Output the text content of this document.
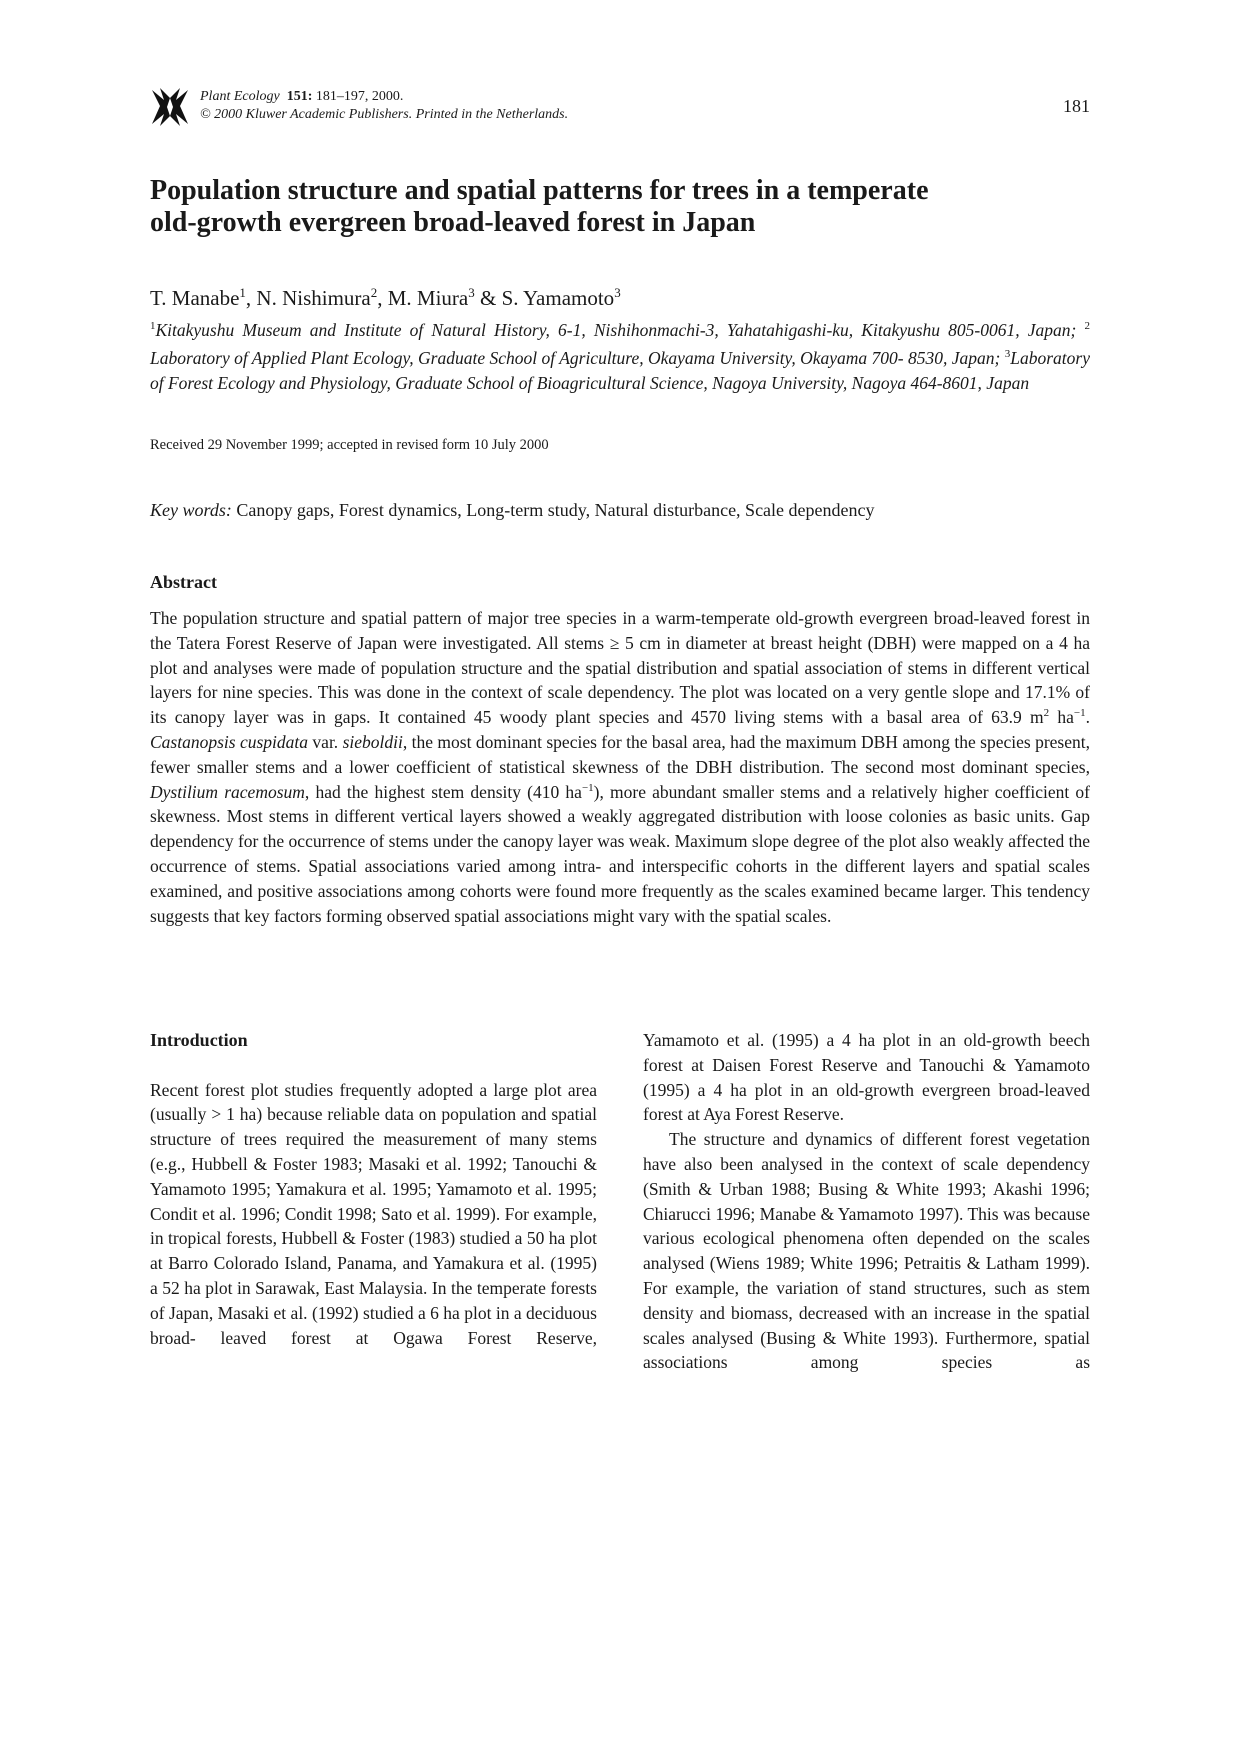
Plant Ecology 151: 181–197, 2000.
© 2000 Kluwer Academic Publishers. Printed in the Netherlands.	181
Population structure and spatial patterns for trees in a temperate
old-growth evergreen broad-leaved forest in Japan
T. Manabe$^1$, N. Nishimura$^2$, M. Miura$^3$ & S. Yamamoto$^3$
$^1$Kitakyushu Museum and Institute of Natural History, 6-1, Nishihonmachi-3, Yahatahigashi-ku, Kitakyushu 805-0061, Japan; $^2$ Laboratory of Applied Plant Ecology, Graduate School of Agriculture, Okayama University, Okayama 700- 8530, Japan; $^3$Laboratory of Forest Ecology and Physiology, Graduate School of Bioagricultural Science, Nagoya University, Nagoya 464-8601, Japan
Received 29 November 1999; accepted in revised form 10 July 2000
Key words: Canopy gaps, Forest dynamics, Long-term study, Natural disturbance, Scale dependency
Abstract
The population structure and spatial pattern of major tree species in a warm-temperate old-growth evergreen broad-leaved forest in the Tatera Forest Reserve of Japan were investigated. All stems ≥ 5 cm in diameter at breast height (DBH) were mapped on a 4 ha plot and analyses were made of population structure and the spatial distribution and spatial association of stems in different vertical layers for nine species. This was done in the context of scale dependency. The plot was located on a very gentle slope and 17.1% of its canopy layer was in gaps. It contained 45 woody plant species and 4570 living stems with a basal area of 63.9 $m^2$ $ha^{-1}$. Castanopsis cuspidata var. sieboldii, the most dominant species for the basal area, had the maximum DBH among the species present, fewer smaller stems and a lower coefficient of statistical skewness of the DBH distribution. The second most dominant species, Dystilium racemosum, had the highest stem density (410 $ha^{-1}$), more abundant smaller stems and a relatively higher coefficient of skewness. Most stems in different vertical layers showed a weakly aggregated distribution with loose colonies as basic units. Gap dependency for the occurrence of stems under the canopy layer was weak. Maximum slope degree of the plot also weakly affected the occurrence of stems. Spatial associations varied among intra- and interspecific cohorts in the different layers and spatial scales examined, and positive associations among cohorts were found more frequently as the scales examined became larger. This tendency suggests that key factors forming observed spatial associations might vary with the spatial scales.
Introduction

Recent forest plot studies frequently adopted a large plot area (usually > 1 ha) because reliable data on population and spatial structure of trees required the measurement of many stems (e.g., Hubbell & Foster 1983; Masaki et al. 1992; Tanouchi & Yamamoto 1995; Yamakura et al. 1995; Yamamoto et al. 1995; Condit et al. 1996; Condit 1998; Sato et al. 1999). For example, in tropical forests, Hubbell & Foster (1983) studied a 50 ha plot at Barro Colorado Island, Panama, and Yamakura et al. (1995) a 52 ha plot in Sarawak, East Malaysia. In the temperate forests of Japan, Masaki et al. (1992) studied a 6 ha plot in a deciduous broad- leaved forest at Ogawa Forest Reserve,

Yamamoto et al. (1995) a 4 ha plot in an old-growth beech forest at Daisen Forest Reserve and Tanouchi & Yamamoto (1995) a 4 ha plot in an old-growth evergreen broad-leaved forest at Aya Forest Reserve.

The structure and dynamics of different forest vegetation have also been analysed in the context of scale dependency (Smith & Urban 1988; Busing & White 1993; Akashi 1996; Chiarucci 1996; Manabe & Yamamoto 1997). This was because various ecological phenomena often depended on the scales analysed (Wiens 1989; White 1996; Petraitis & Latham 1999). For example, the variation of stand structures, such as stem density and biomass, decreased with an increase in the spatial scales analysed (Busing & White 1993). Furthermore, spatial associations among species as
